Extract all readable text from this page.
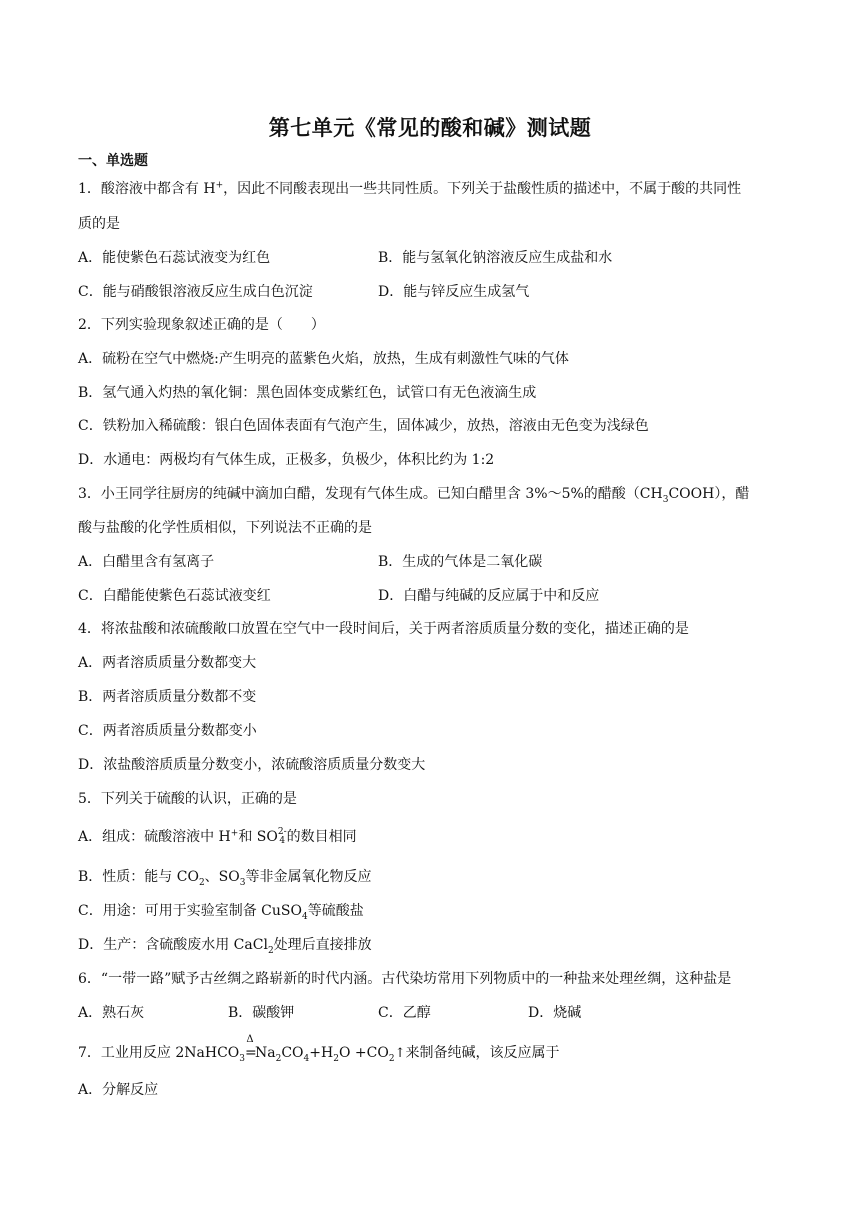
第七单元《常见的酸和碱》测试题
一、单选题
1．酸溶液中都含有 H+，因此不同酸表现出一些共同性质。下列关于盐酸性质的描述中，不属于酸的共同性
质的是
A．能使紫色石蕊试液变为红色	B．能与氢氧化钠溶液反应生成盐和水
C．能与硝酸银溶液反应生成白色沉淀	D．能与锌反应生成氢气
2．下列实验现象叙述正确的是（　　）
A．硫粉在空气中燃烧:产生明亮的蓝紫色火焰，放热，生成有刺激性气味的气体
B．氢气通入灼热的氧化铜：黑色固体变成紫红色，试管口有无色液滴生成
C．铁粉加入稀硫酸：银白色固体表面有气泡产生，固体减少，放热，溶液由无色变为浅绿色
D．水通电：两极均有气体生成，正极多，负极少，体积比约为 1:2
3．小王同学往厨房的纯碱中滴加白醋，发现有气体生成。已知白醋里含 3%～5%的醋酸$(CH_3COOH)$，醋
酸与盐酸的化学性质相似，下列说法不正确的是
A．白醋里含有氢离子	B．生成的气体是二氧化碳
C．白醋能使紫色石蕊试液变红	D．白醋与纯碱的反应属于中和反应
4．将浓盐酸和浓硫酸敞口放置在空气中一段时间后，关于两者溶质质量分数的变化，描述正确的是
A．两者溶质质量分数都变大
B．两者溶质质量分数都不变
C．两者溶质质量分数都变小
D．浓盐酸溶质质量分数变小，浓硫酸溶质质量分数变大
5．下列关于硫酸的认识，正确的是
A．组成：硫酸溶液中 H+和 SO 2-
4 的数目相同
B．性质：能与 $CO_2$、$SO_3$等非金属氧化物反应
C．用途：可用于实验室制备 CuSO$_4$等硫酸盐
D．生产：含硫酸废水用 CaCl$_2$处理后直接排放
6．“一带一路”赋予古丝绸之路崭新的时代内涵。古代染坊常用下列物质中的一种盐来处理丝绸，这种盐是
A．熟石灰	B．碳酸钾	C．乙醇	D．烧碱
7．工业用反应 2NaHCO$_3$
Δ
$=Na_2CO_4+H_2O$ $+CO_2↑$来制备纯碱，该反应属于
A．分解反应
